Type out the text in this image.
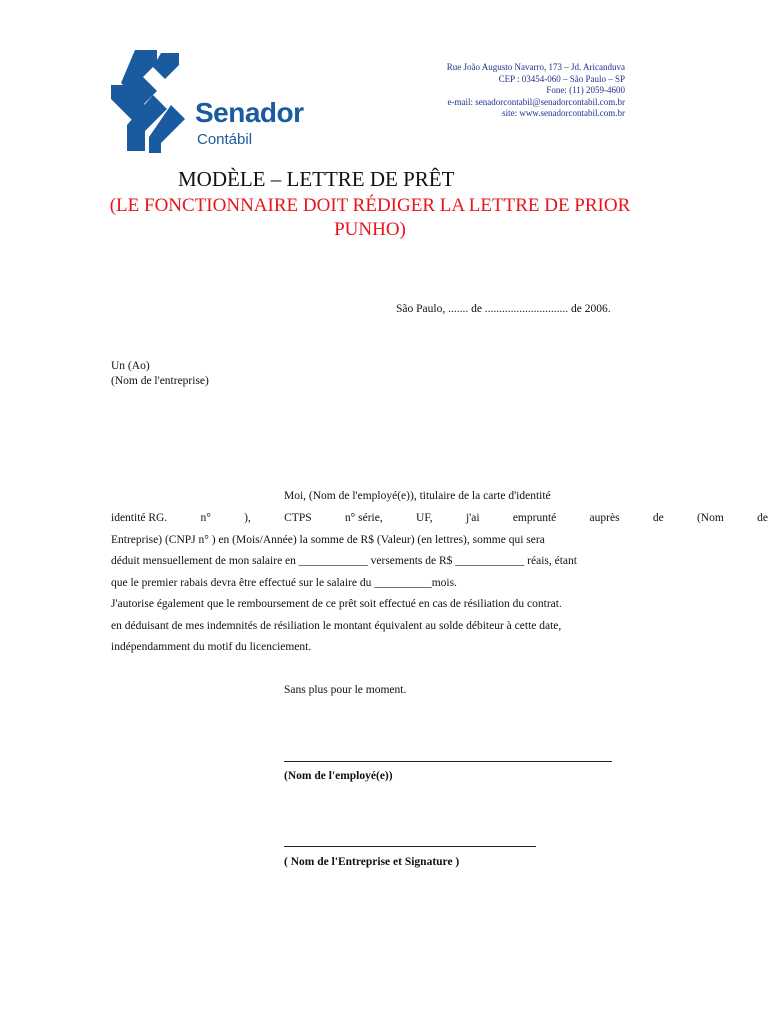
Senador
Contábil
Rue João Augusto Navarro, 173 – Jd. Aricanduva
CEP : 03454-060 – São Paulo – SP
Fone: (11) 2059-4600
e-mail: senadorcontabil@senadorcontabil.com.br
site: www.senadorcontabil.com.br
MODÈLE – LETTRE DE PRÊT
(LE FONCTIONNAIRE DOIT RÉDIGER LA LETTRE DE PRIOR PUNHO)
São Paulo, ....... de ............................. de 2006.
Un (Ao)
(Nom de l'entreprise)
Moi, (Nom de l'employé(e)), titulaire de la carte d'identité
identité RG.	n°	),	CTPS	n° série,	UF,	j'ai	emprunté	auprès	de	(Nom	de
Entreprise) (CNPJ n° ) en (Mois/Année) la somme de R$ (Valeur) (en lettres), somme qui sera
déduit mensuellement de mon salaire en ____________ versements de R$ ____________ réais, étant
que le premier rabais devra être effectué sur le salaire du __________mois.
J'autorise également que le remboursement de ce prêt soit effectué en cas de résiliation du contrat.
en déduisant de mes indemnités de résiliation le montant équivalent au solde débiteur à cette date,
indépendamment du motif du licenciement.
Sans plus pour le moment.
(Nom de l'employé(e))
( Nom de l'Entreprise et Signature )
